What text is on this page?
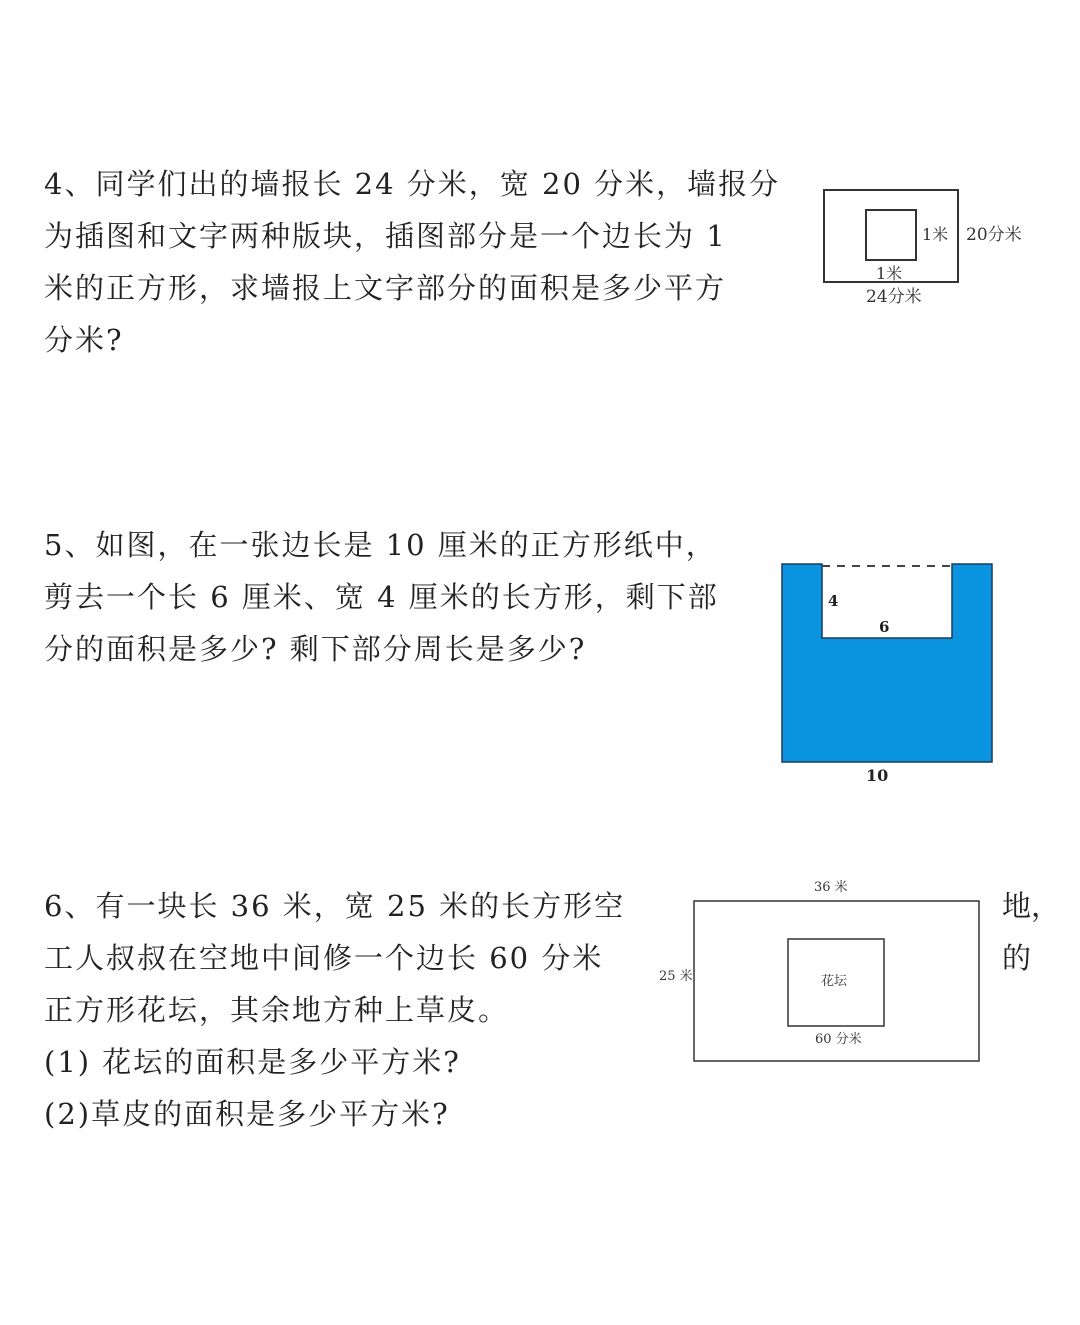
4、同学们出的墙报长 24 分米，宽 20 分米，墙报分
为插图和文字两种版块，插图部分是一个边长为 1
米的正方形，求墙报上文字部分的面积是多少平方
分米?
1米 20分米
1米
24分米
5、如图，在一张边长是 10 厘米的正方形纸中，
剪去一个长 6 厘米、宽 4 厘米的长方形，剩下部
分的面积是多少? 剩下部分周长是多少?
4
6
10
6、有一块长 36 米，宽 25 米的长方形空
工人叔叔在空地中间修一个边长 60 分米
正方形花坛，其余地方种上草皮。
(1) 花坛的面积是多少平方米?
(2)草皮的面积是多少平方米?
地，
的
36 米
25 米	花坛
60 分米
